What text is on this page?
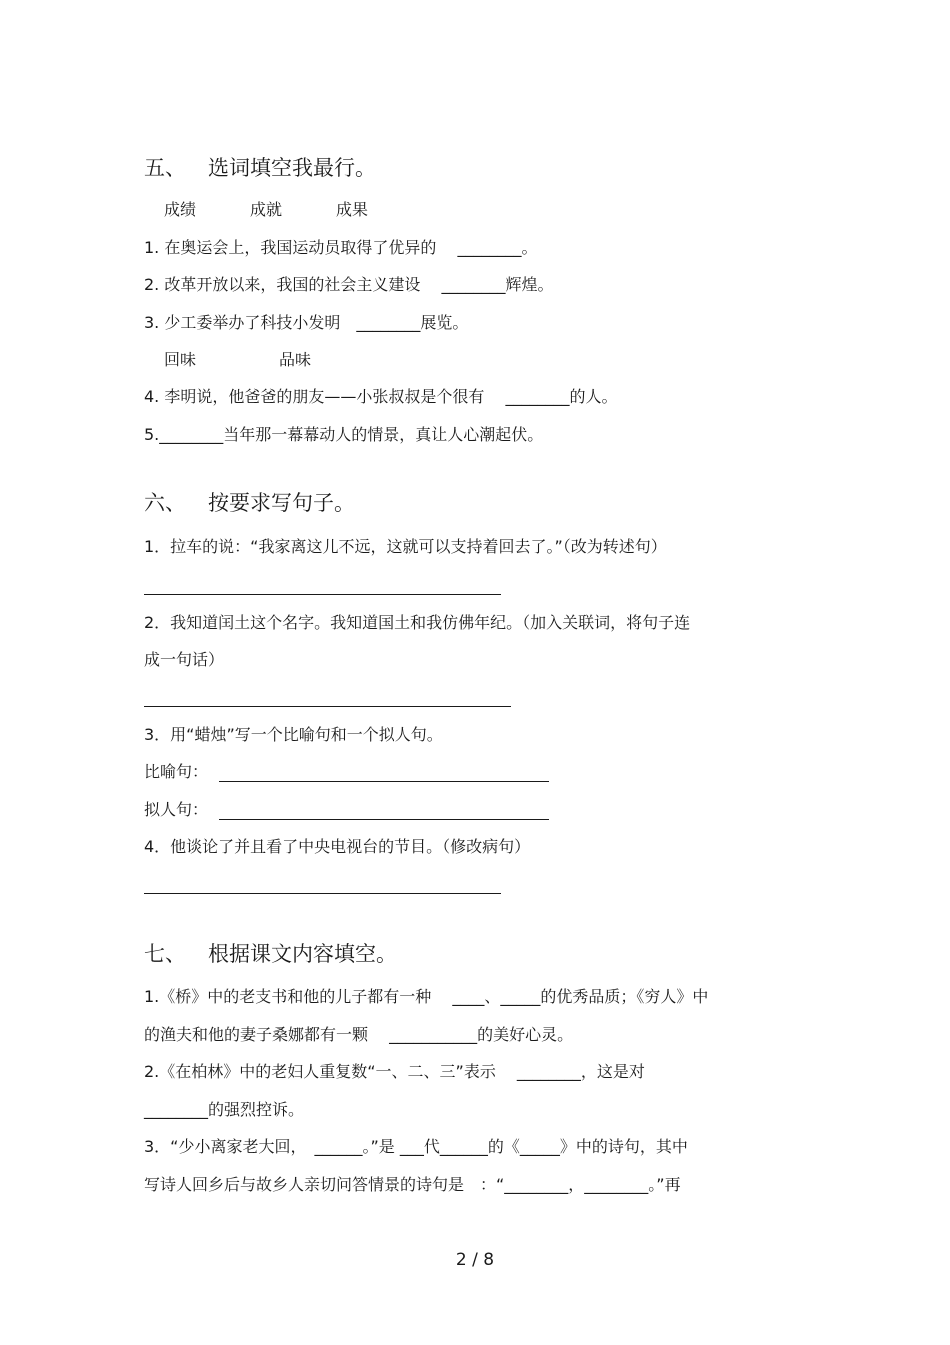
五、 选词填空我最行。
成绩	成就	成果
1. 在奥运会上，我国运动员取得了优异的　 ________。
2. 改革开放以来，我国的社会主义建设　 ________辉煌。
3. 少工委举办了科技小发明　________展览。
回味	品味
4. 李明说，他爸爸的朋友——小张叔叔是个很有　 ________的人。
5.________当年那一幕幕动人的情景，真让人心潮起伏。
六、 按要求写句子。
1．拉车的说：“我家离这儿不远，这就可以支持着回去了。”（改为转述句）
2．我知道闰土这个名字。我知道国土和我仿佛年纪。（加入关联词，将句子连
成一句话）
3．用“蜡烛”写一个比喻句和一个拟人句。
比喻句：
拟人句：
4．他谈论了并且看了中央电视台的节目。（修改病句）
七、 根据课文内容填空。
1.《桥》中的老支书和他的儿子都有一种　 ____、_____的优秀品质；《穷人》中
的渔夫和他的妻子桑娜都有一颗　 ___________的美好心灵。
2.《在柏林》中的老妇人重复数“一、二、三”表示　 ________，这是对
________的强烈控诉。
3．“少小离家老大回，　______。”是 ___代______的《_____》中的诗句，其中
写诗人回乡后与故乡人亲切问答情景的诗句是　：“________，________。”再
2 / 8
